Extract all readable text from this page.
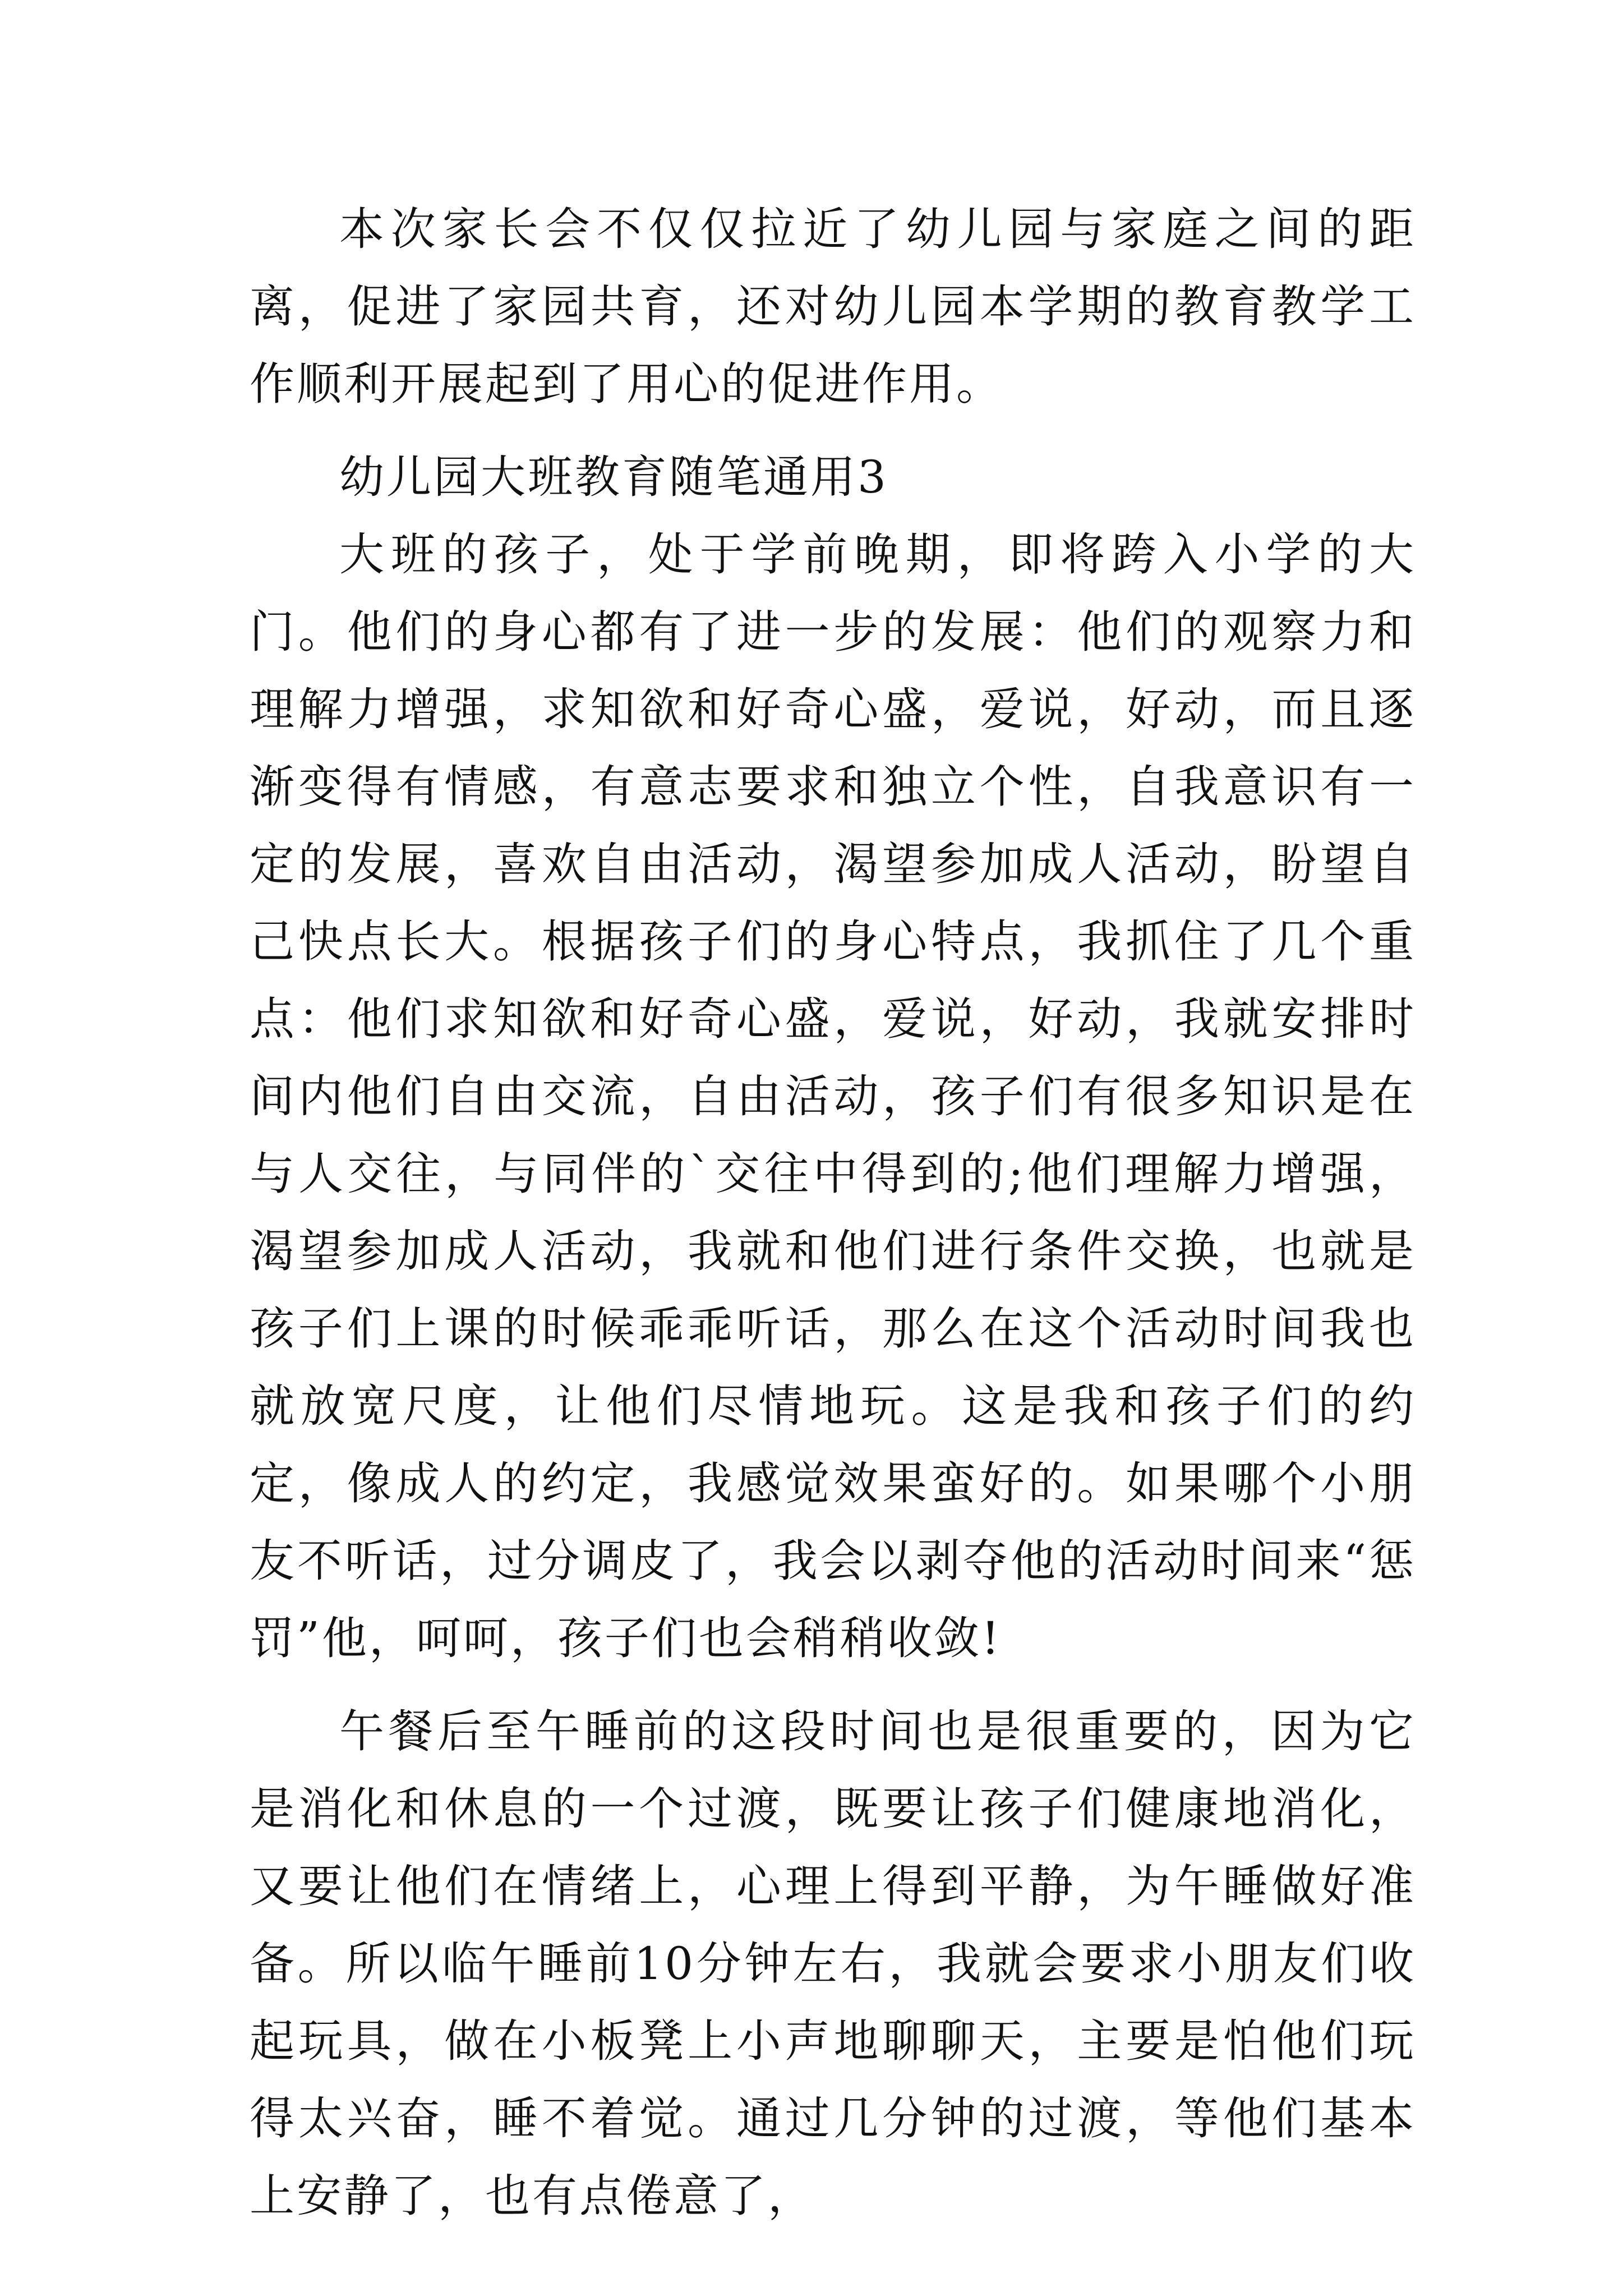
本次家长会不仅仅拉近了幼儿园与家庭之间的距离，促进了家园共育，还对幼儿园本学期的教育教学工作顺利开展起到了用心的促进作用。

幼儿园大班教育随笔通用3

大班的孩子，处于学前晚期，即将跨入小学的大门。他们的身心都有了进一步的发展：他们的观察力和理解力增强，求知欲和好奇心盛，爱说，好动，而且逐渐变得有情感，有意志要求和独立个性，自我意识有一定的发展，喜欢自由活动，渴望参加成人活动，盼望自己快点长大。根据孩子们的身心特点，我抓住了几个重点：他们求知欲和好奇心盛，爱说，好动，我就安排时间内他们自由交流，自由活动，孩子们有很多知识是在与人交往，与同伴的`交往中得到的;他们理解力增强，渴望参加成人活动，我就和他们进行条件交换，也就是孩子们上课的时候乖乖听话，那么在这个活动时间我也就放宽尺度，让他们尽情地玩。这是我和孩子们的约定，像成人的约定，我感觉效果蛮好的。如果哪个小朋友不听话，过分调皮了，我会以剥夺他的活动时间来“惩罚”他，呵呵，孩子们也会稍稍收敛!

午餐后至午睡前的这段时间也是很重要的，因为它是消化和休息的一个过渡，既要让孩子们健康地消化，又要让他们在情绪上，心理上得到平静，为午睡做好准备。所以临午睡前10分钟左右，我就会要求小朋友们收起玩具，做在小板凳上小声地聊聊天，主要是怕他们玩得太兴奋，睡不着觉。通过几分钟的过渡，等他们基本上安静了，也有点倦意了，
